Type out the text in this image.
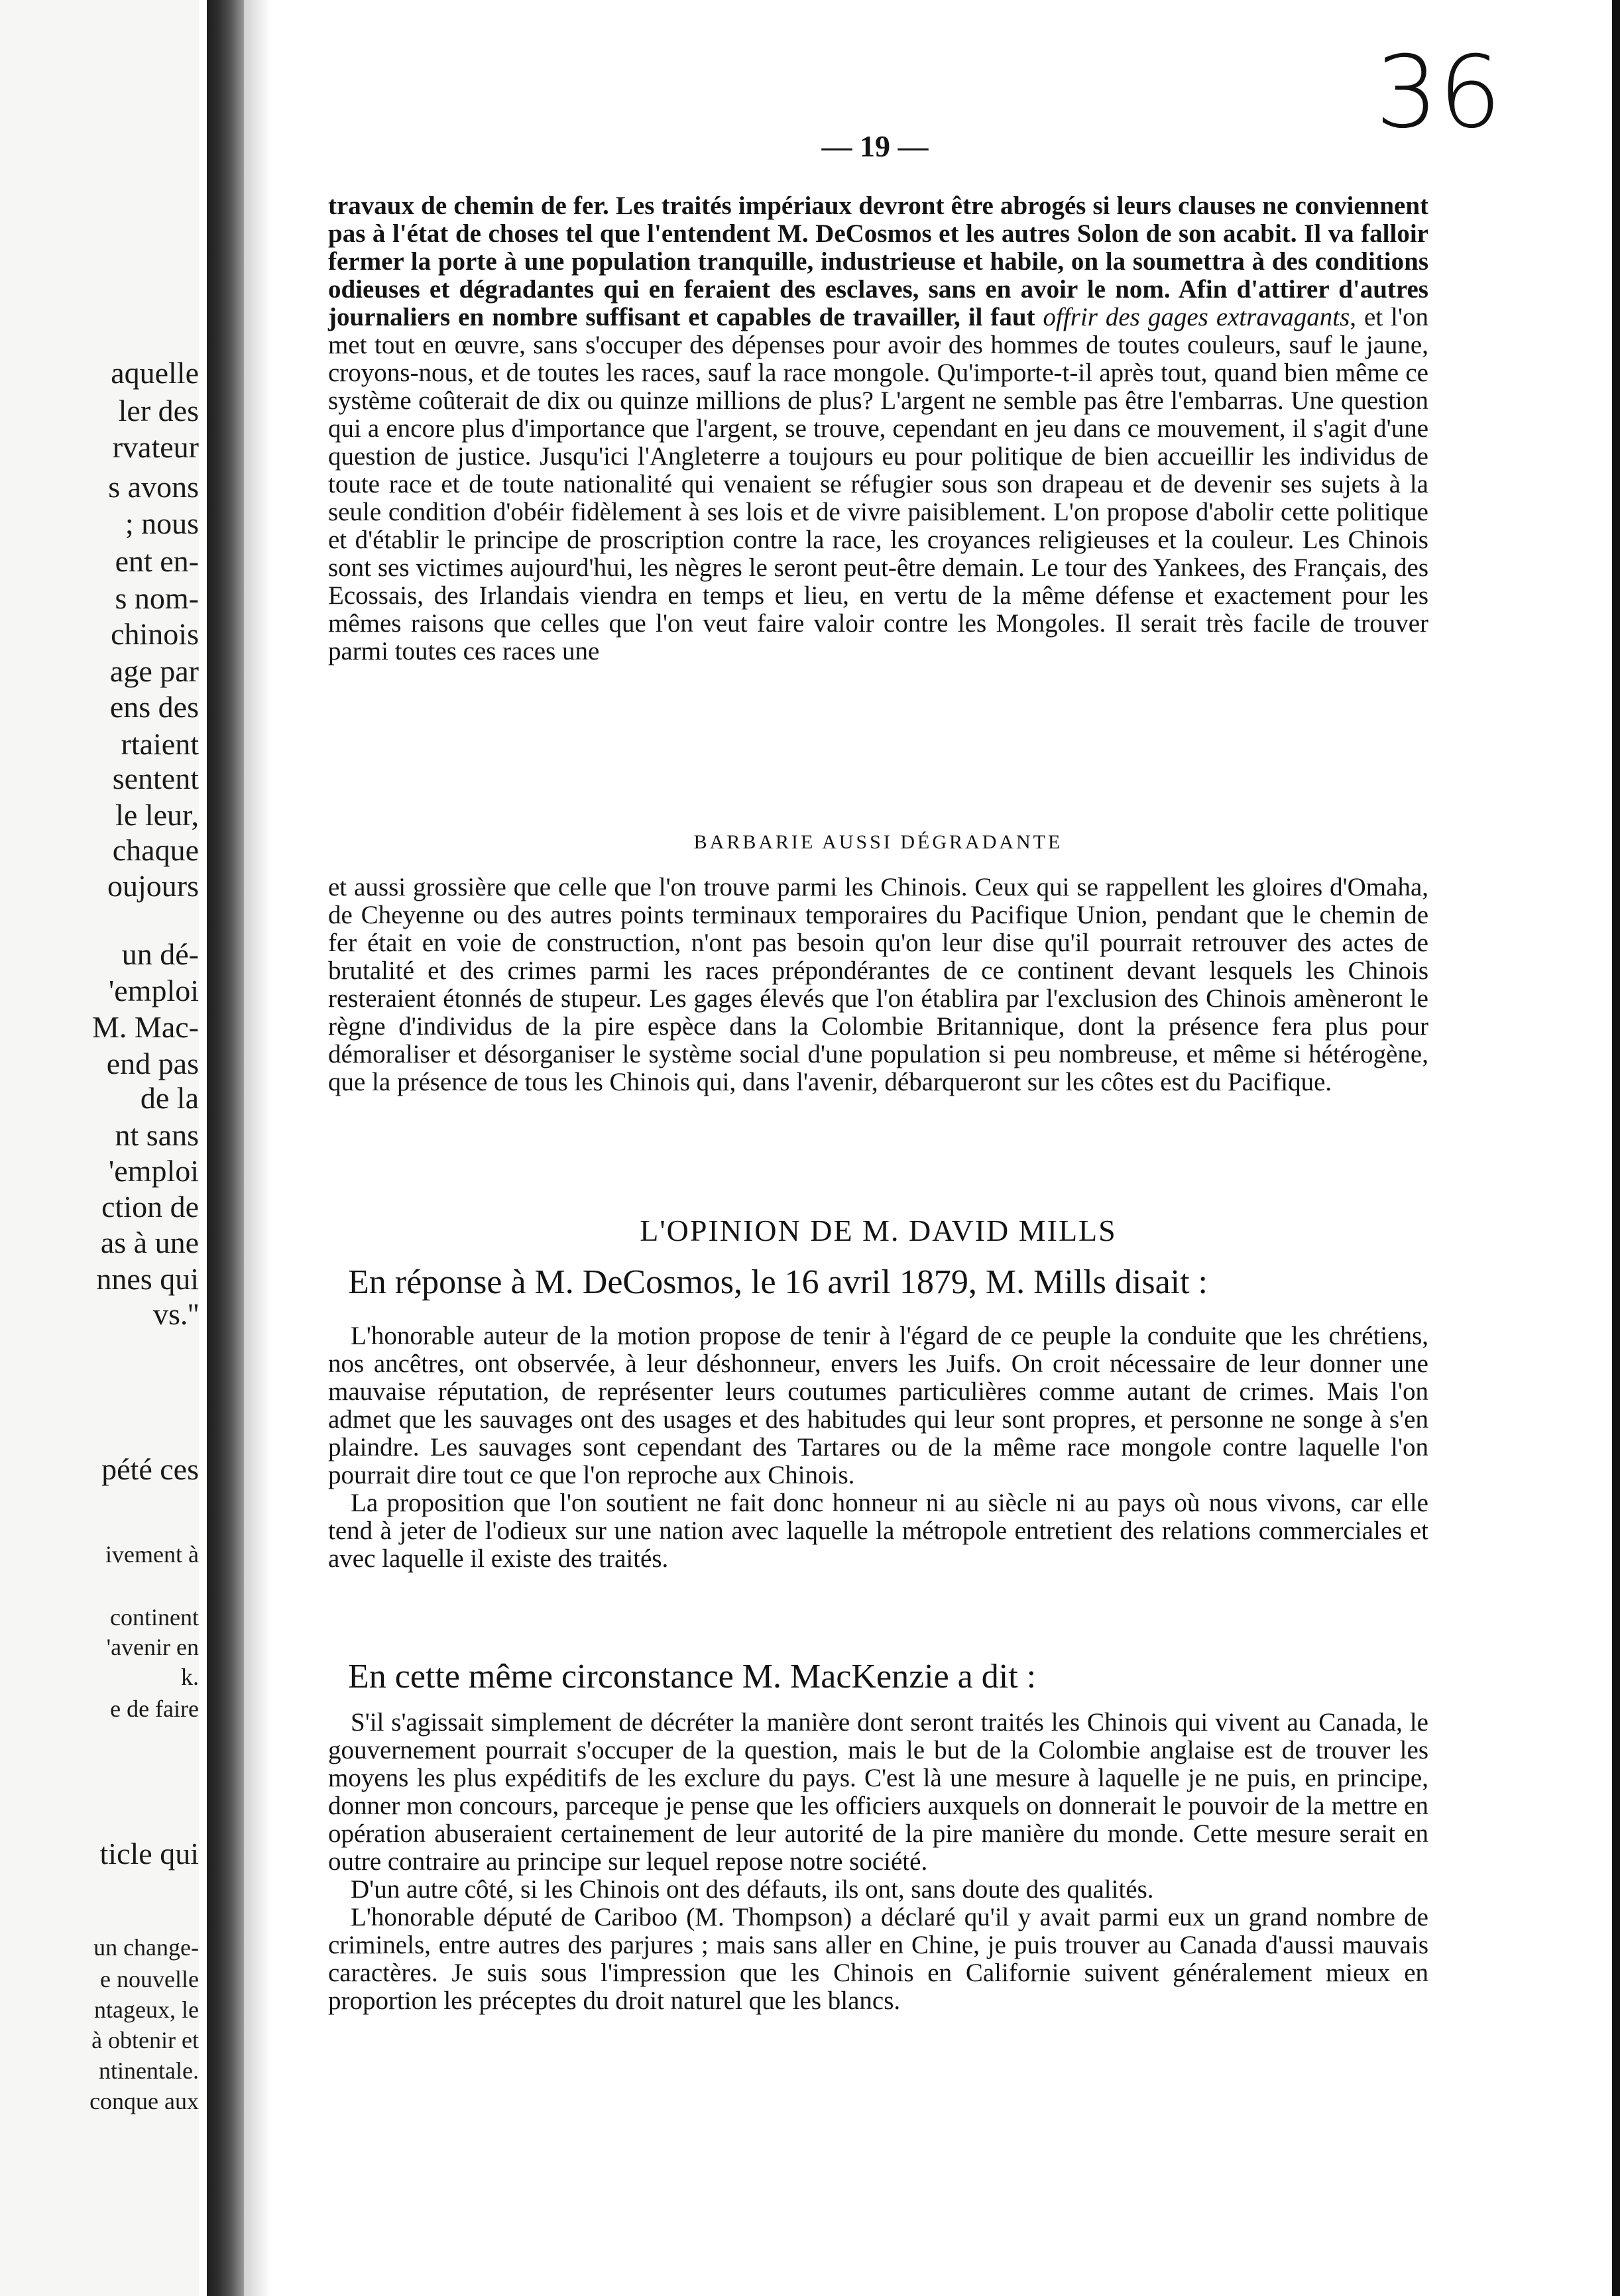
aquelle
ler des
rvateur
s avons
; nous
ent en-
s nom-
chinois
age par
ens des
rtaient
sentent
le leur,
chaque
oujours
un dé-
'emploi
M. Mac-
end pas
de la
nt sans
'emploi
ction de
as à une
nnes qui
vs.''
pété ces
ivement à
continent
'avenir en
k.
e de faire
ticle qui
un change-
e nouvelle
ntageux, le
à obtenir et
ntinentale.
conque aux
36
— 19 —

travaux de chemin de fer. Les traités impériaux devront être abrogés si leurs clauses ne conviennent pas à l'état de choses tel que l'entendent M. DeCosmos et les autres Solon de son acabit. Il va falloir fermer la porte à une population tranquille, industrieuse et habile, on la soumettra à des conditions odieuses et dégradantes qui en feraient des esclaves, sans en avoir le nom. Afin d'attirer d'autres journaliers en nombre suffisant et capables de travailler, il faut offrir des gages extravagants, et l'on met tout en œuvre, sans s'occuper des dépenses pour avoir des hommes de toutes couleurs, sauf le jaune, croyons-nous, et de toutes les races, sauf la race mongole. Qu'importe-t-il après tout, quand bien même ce système coûterait de dix ou quinze millions de plus? L'argent ne semble pas être l'embarras. Une question qui a encore plus d'importance que l'argent, se trouve, cependant en jeu dans ce mouvement, il s'agit d'une question de justice. Jusqu'ici l'Angleterre a toujours eu pour politique de bien accueillir les individus de toute race et de toute nationalité qui venaient se réfugier sous son drapeau et de devenir ses sujets à la seule condition d'obéir fidèlement à ses lois et de vivre paisiblement. L'on propose d'abolir cette politique et d'établir le principe de proscription contre la race, les croyances religieuses et la couleur. Les Chinois sont ses victimes aujourd'hui, les nègres le seront peut-être demain. Le tour des Yankees, des Français, des Ecossais, des Irlandais viendra en temps et lieu, en vertu de la même défense et exactement pour les mêmes raisons que celles que l'on veut faire valoir contre les Mongoles. Il serait très facile de trouver parmi toutes ces races une

BARBARIE AUSSI DÉGRADANTE

et aussi grossière que celle que l'on trouve parmi les Chinois. Ceux qui se rappellent les gloires d'Omaha, de Cheyenne ou des autres points terminaux temporaires du Pacifique Union, pendant que le chemin de fer était en voie de construction, n'ont pas besoin qu'on leur dise qu'il pourrait retrouver des actes de brutalité et des crimes parmi les races prépondérantes de ce continent devant lesquels les Chinois resteraient étonnés de stupeur. Les gages élevés que l'on établira par l'exclusion des Chinois amèneront le règne d'individus de la pire espèce dans la Colombie Britannique, dont la présence fera plus pour démoraliser et désorganiser le système social d'une population si peu nombreuse, et même si hétérogène, que la présence de tous les Chinois qui, dans l'avenir, débarqueront sur les côtes est du Pacifique.

L'OPINION DE M. DAVID MILLS
En réponse à M. DeCosmos, le 16 avril 1879, M. Mills disait :

L'honorable auteur de la motion propose de tenir à l'égard de ce peuple la conduite que les chrétiens, nos ancêtres, ont observée, à leur déshonneur, envers les Juifs. On croit nécessaire de leur donner une mauvaise réputation, de représenter leurs coutumes particulières comme autant de crimes. Mais l'on admet que les sauvages ont des usages et des habitudes qui leur sont propres, et personne ne songe à s'en plaindre. Les sauvages sont cependant des Tartares ou de la même race mongole contre laquelle l'on pourrait dire tout ce que l'on reproche aux Chinois.

La proposition que l'on soutient ne fait donc honneur ni au siècle ni au pays où nous vivons, car elle tend à jeter de l'odieux sur une nation avec laquelle la métropole entretient des relations commerciales et avec laquelle il existe des traités.

En cette même circonstance M. MacKenzie a dit :

S'il s'agissait simplement de décréter la manière dont seront traités les Chinois qui vivent au Canada, le gouvernement pourrait s'occuper de la question, mais le but de la Colombie anglaise est de trouver les moyens les plus expéditifs de les exclure du pays. C'est là une mesure à laquelle je ne puis, en principe, donner mon concours, parceque je pense que les officiers auxquels on donnerait le pouvoir de la mettre en opération abuseraient certainement de leur autorité de la pire manière du monde. Cette mesure serait en outre contraire au principe sur lequel repose notre société.

D'un autre côté, si les Chinois ont des défauts, ils ont, sans doute des qualités.

L'honorable député de Cariboo (M. Thompson) a déclaré qu'il y avait parmi eux un grand nombre de criminels, entre autres des parjures ; mais sans aller en Chine, je puis trouver au Canada d'aussi mauvais caractères. Je suis sous l'impression que les Chinois en Californie suivent généralement mieux en proportion les préceptes du droit naturel que les blancs.
